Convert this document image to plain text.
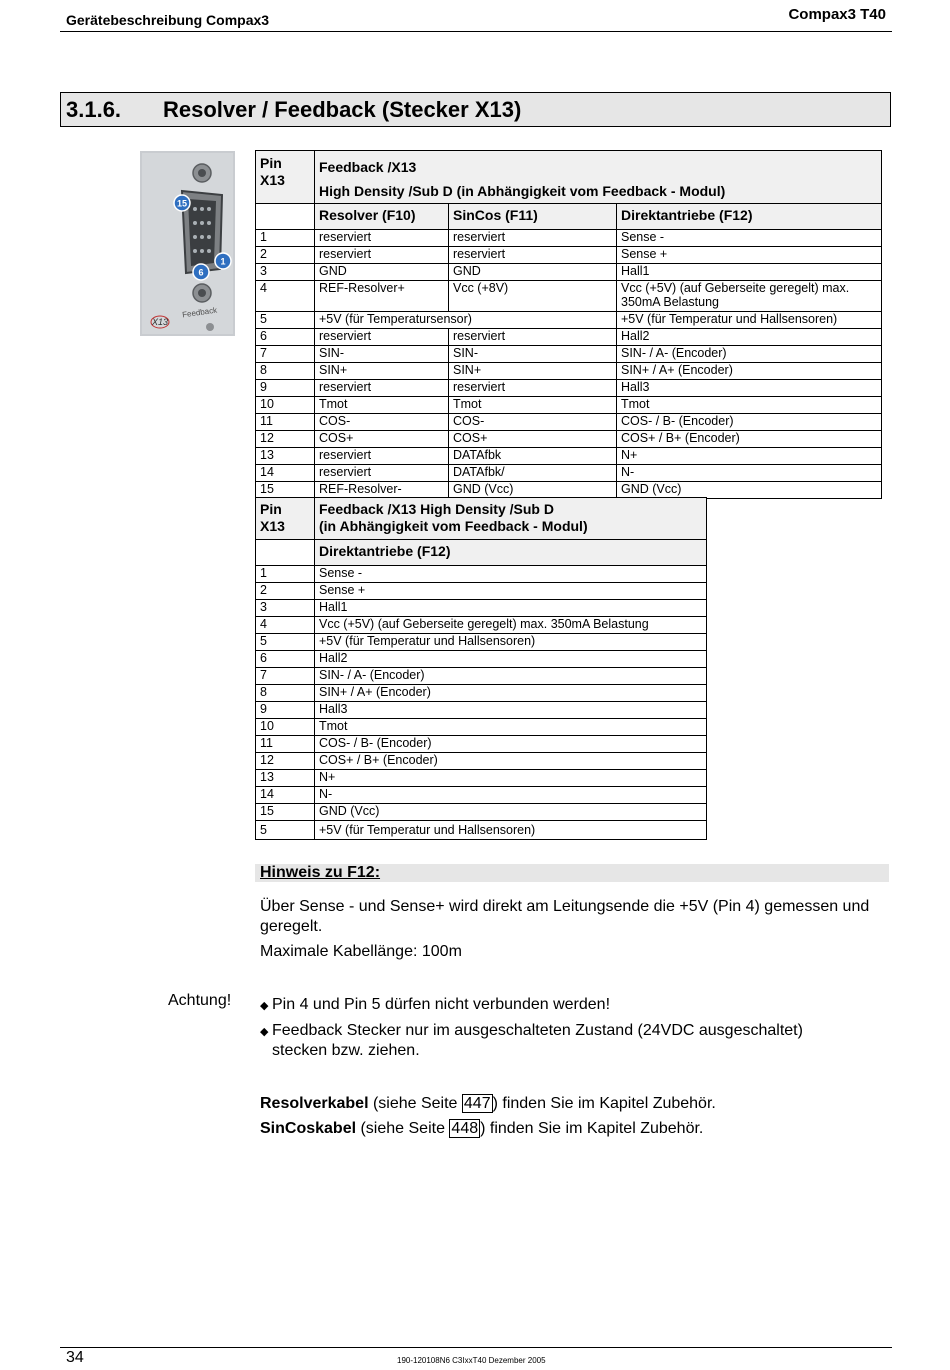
Gerätebeschreibung Compax3	Compax3 T40
3.1.6. Resolver / Feedback (Stecker X13)
15
6
1
X13
Feedback
Pin
X13	Feedback /X13
High Density /Sub D (in Abhängigkeit vom Feedback - Modul)		
	Resolver (F10)	SinCos (F11)	Direktantriebe (F12)
1	reserviert	reserviert	Sense -
2	reserviert	reserviert	Sense +
3	GND	GND	Hall1
4	REF-Resolver+	Vcc (+8V)	Vcc (+5V) (auf Geberseite geregelt) max. 350mA Belastung
5	+5V (für Temperatursensor)		+5V (für Temperatur und Hallsensoren)
6	reserviert	reserviert	Hall2
7	SIN-	SIN-	SIN- / A- (Encoder)
8	SIN+	SIN+	SIN+ / A+ (Encoder)
9	reserviert	reserviert	Hall3
10	Tmot	Tmot	Tmot
11	COS-	COS-	COS- / B- (Encoder)
12	COS+	COS+	COS+ / B+ (Encoder)
13	reserviert	DATAfbk	N+
14	reserviert	DATAfbk/	N-
15	REF-Resolver-	GND (Vcc)	GND (Vcc)
Pin
X13	Feedback /X13 High Density /Sub D
(in Abhängigkeit vom Feedback - Modul)
	Direktantriebe (F12)
1	Sense -
2	Sense +
3	Hall1
4	Vcc (+5V) (auf Geberseite geregelt) max. 350mA Belastung
5	+5V (für Temperatur und Hallsensoren)
6	Hall2
7	SIN- / A- (Encoder)
8	SIN+ / A+ (Encoder)
9	Hall3
10	Tmot
11	COS- / B- (Encoder)
12	COS+ / B+ (Encoder)
13	N+
14	N-
15	GND (Vcc)
5	+5V (für Temperatur und Hallsensoren)
Hinweis zu F12:
Über Sense - und Sense+ wird direkt am Leitungsende die +5V (Pin 4) gemessen und geregelt.
Maximale Kabellänge: 100m
Achtung!	◆ Pin 4 und Pin 5 dürfen nicht verbunden werden!
◆ Feedback Stecker nur im ausgeschalteten Zustand (24VDC ausgeschaltet) stecken bzw. ziehen.
Resolverkabel (siehe Seite 447 ) finden Sie im Kapitel Zubehör.
SinCoskabel (siehe Seite 448 ) finden Sie im Kapitel Zubehör.
34	190-120108N6 C3IxxT40 Dezember 2005
